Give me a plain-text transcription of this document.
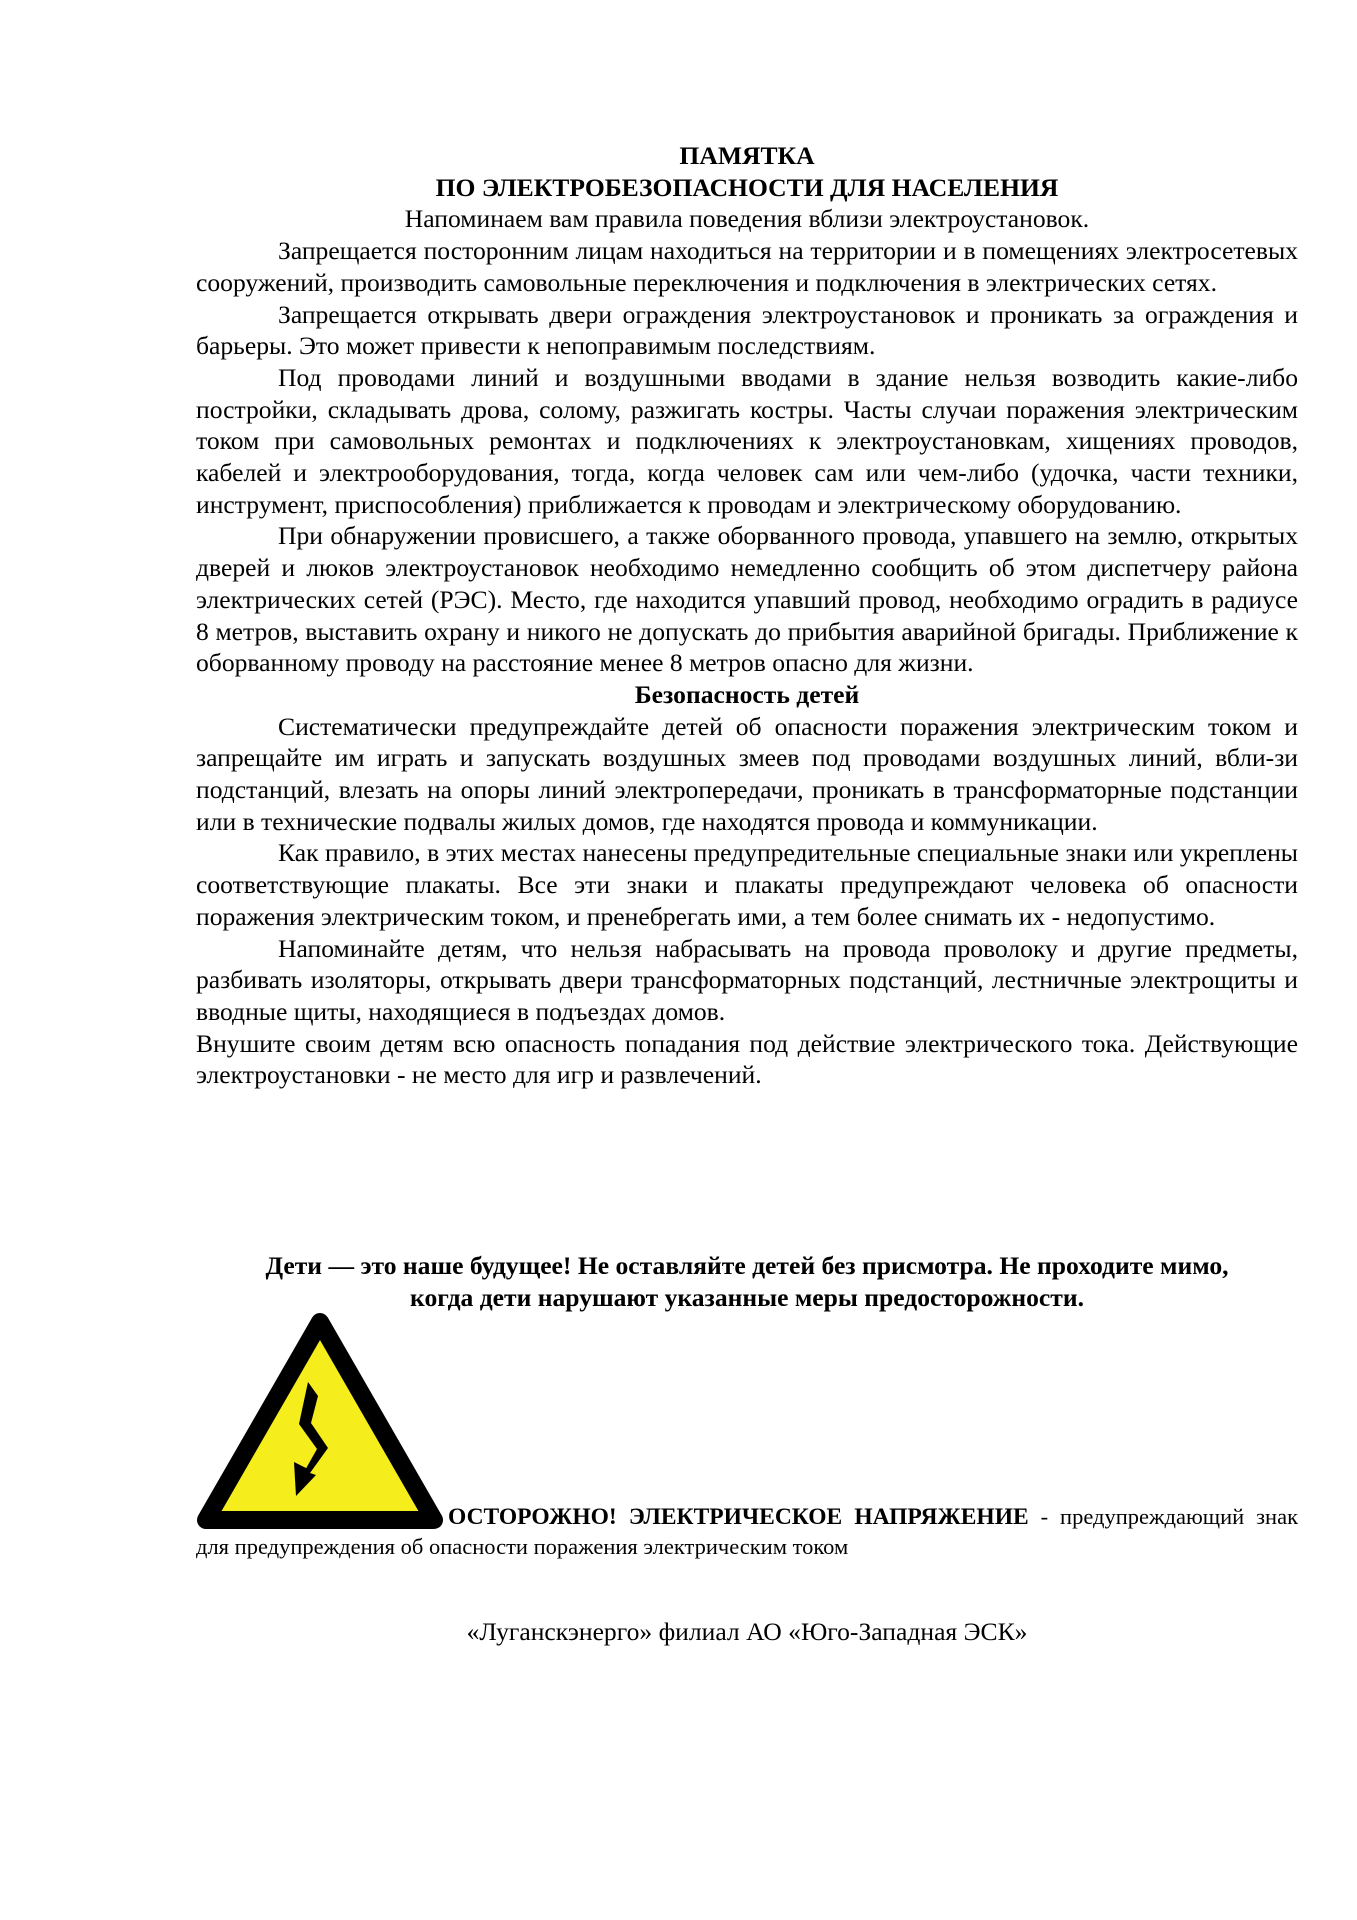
ПАМЯТКА

ПО ЭЛЕКТРОБЕЗОПАСНОСТИ ДЛЯ НАСЕЛЕНИЯ

Напоминаем вам правила поведения вблизи электроустановок.

Запрещается посторонним лицам находиться на территории и в помещениях электросетевых сооружений, производить самовольные переключения и подключения в электрических сетях.

Запрещается открывать двери ограждения электроустановок и проникать за ограждения и барьеры. Это может привести к непоправимым последствиям.

Под проводами линий и воздушными вводами в здание нельзя возводить какие-либо постройки, складывать дрова, солому, разжигать костры. Часты случаи поражения электрическим током при самовольных ремонтах и подключениях к электроустановкам, хищениях проводов, кабелей и электрооборудования, тогда, когда человек сам или чем-либо (удочка, части техники, инструмент, приспособления) приближается к проводам и электрическому оборудованию.

При обнаружении провисшего, а также оборванного провода, упавшего на землю, открытых дверей и люков электроустановок необходимо немедленно сообщить об этом диспетчеру района электрических сетей (РЭС). Место, где находится упавший провод, необходимо оградить в радиусе 8 метров, выставить охрану и никого не допускать до прибытия аварийной бригады. Приближение к оборванному проводу на расстояние менее 8 метров опасно для жизни.

Безопасность детей

Систематически предупреждайте детей об опасности поражения электрическим током и запрещайте им играть и запускать воздушных змеев под проводами воздушных линий, вбли-зи подстанций, влезать на опоры линий электропередачи, проникать в трансформаторные подстанции или в технические подвалы жилых домов, где находятся провода и коммуникации.

Как правило, в этих местах нанесены предупредительные специальные знаки или укреплены соответствующие плакаты. Все эти знаки и плакаты предупреждают человека об опасности поражения электрическим током, и пренебрегать ими, а тем более снимать их - недопустимо.

Напоминайте детям, что нельзя набрасывать на провода проволоку и другие предметы, разбивать изоляторы, открывать двери трансформаторных подстанций, лестничные электрощиты и вводные щиты, находящиеся в подъездах домов.

Внушите своим детям всю опасность попадания под действие электрического тока. Действующие электроустановки - не место для игр и развлечений.

Дети — это наше будущее! Не оставляйте детей без присмотра. Не проходите мимо,
когда дети нарушают указанные меры предосторожности.

ОСТОРОЖНО! ЭЛЕКТРИЧЕСКОЕ НАПРЯЖЕНИЕ - предупреждающий знак для предупреждения об опасности поражения электрическим током

«Луганскэнерго» филиал АО «Юго-Западная ЭСК»
